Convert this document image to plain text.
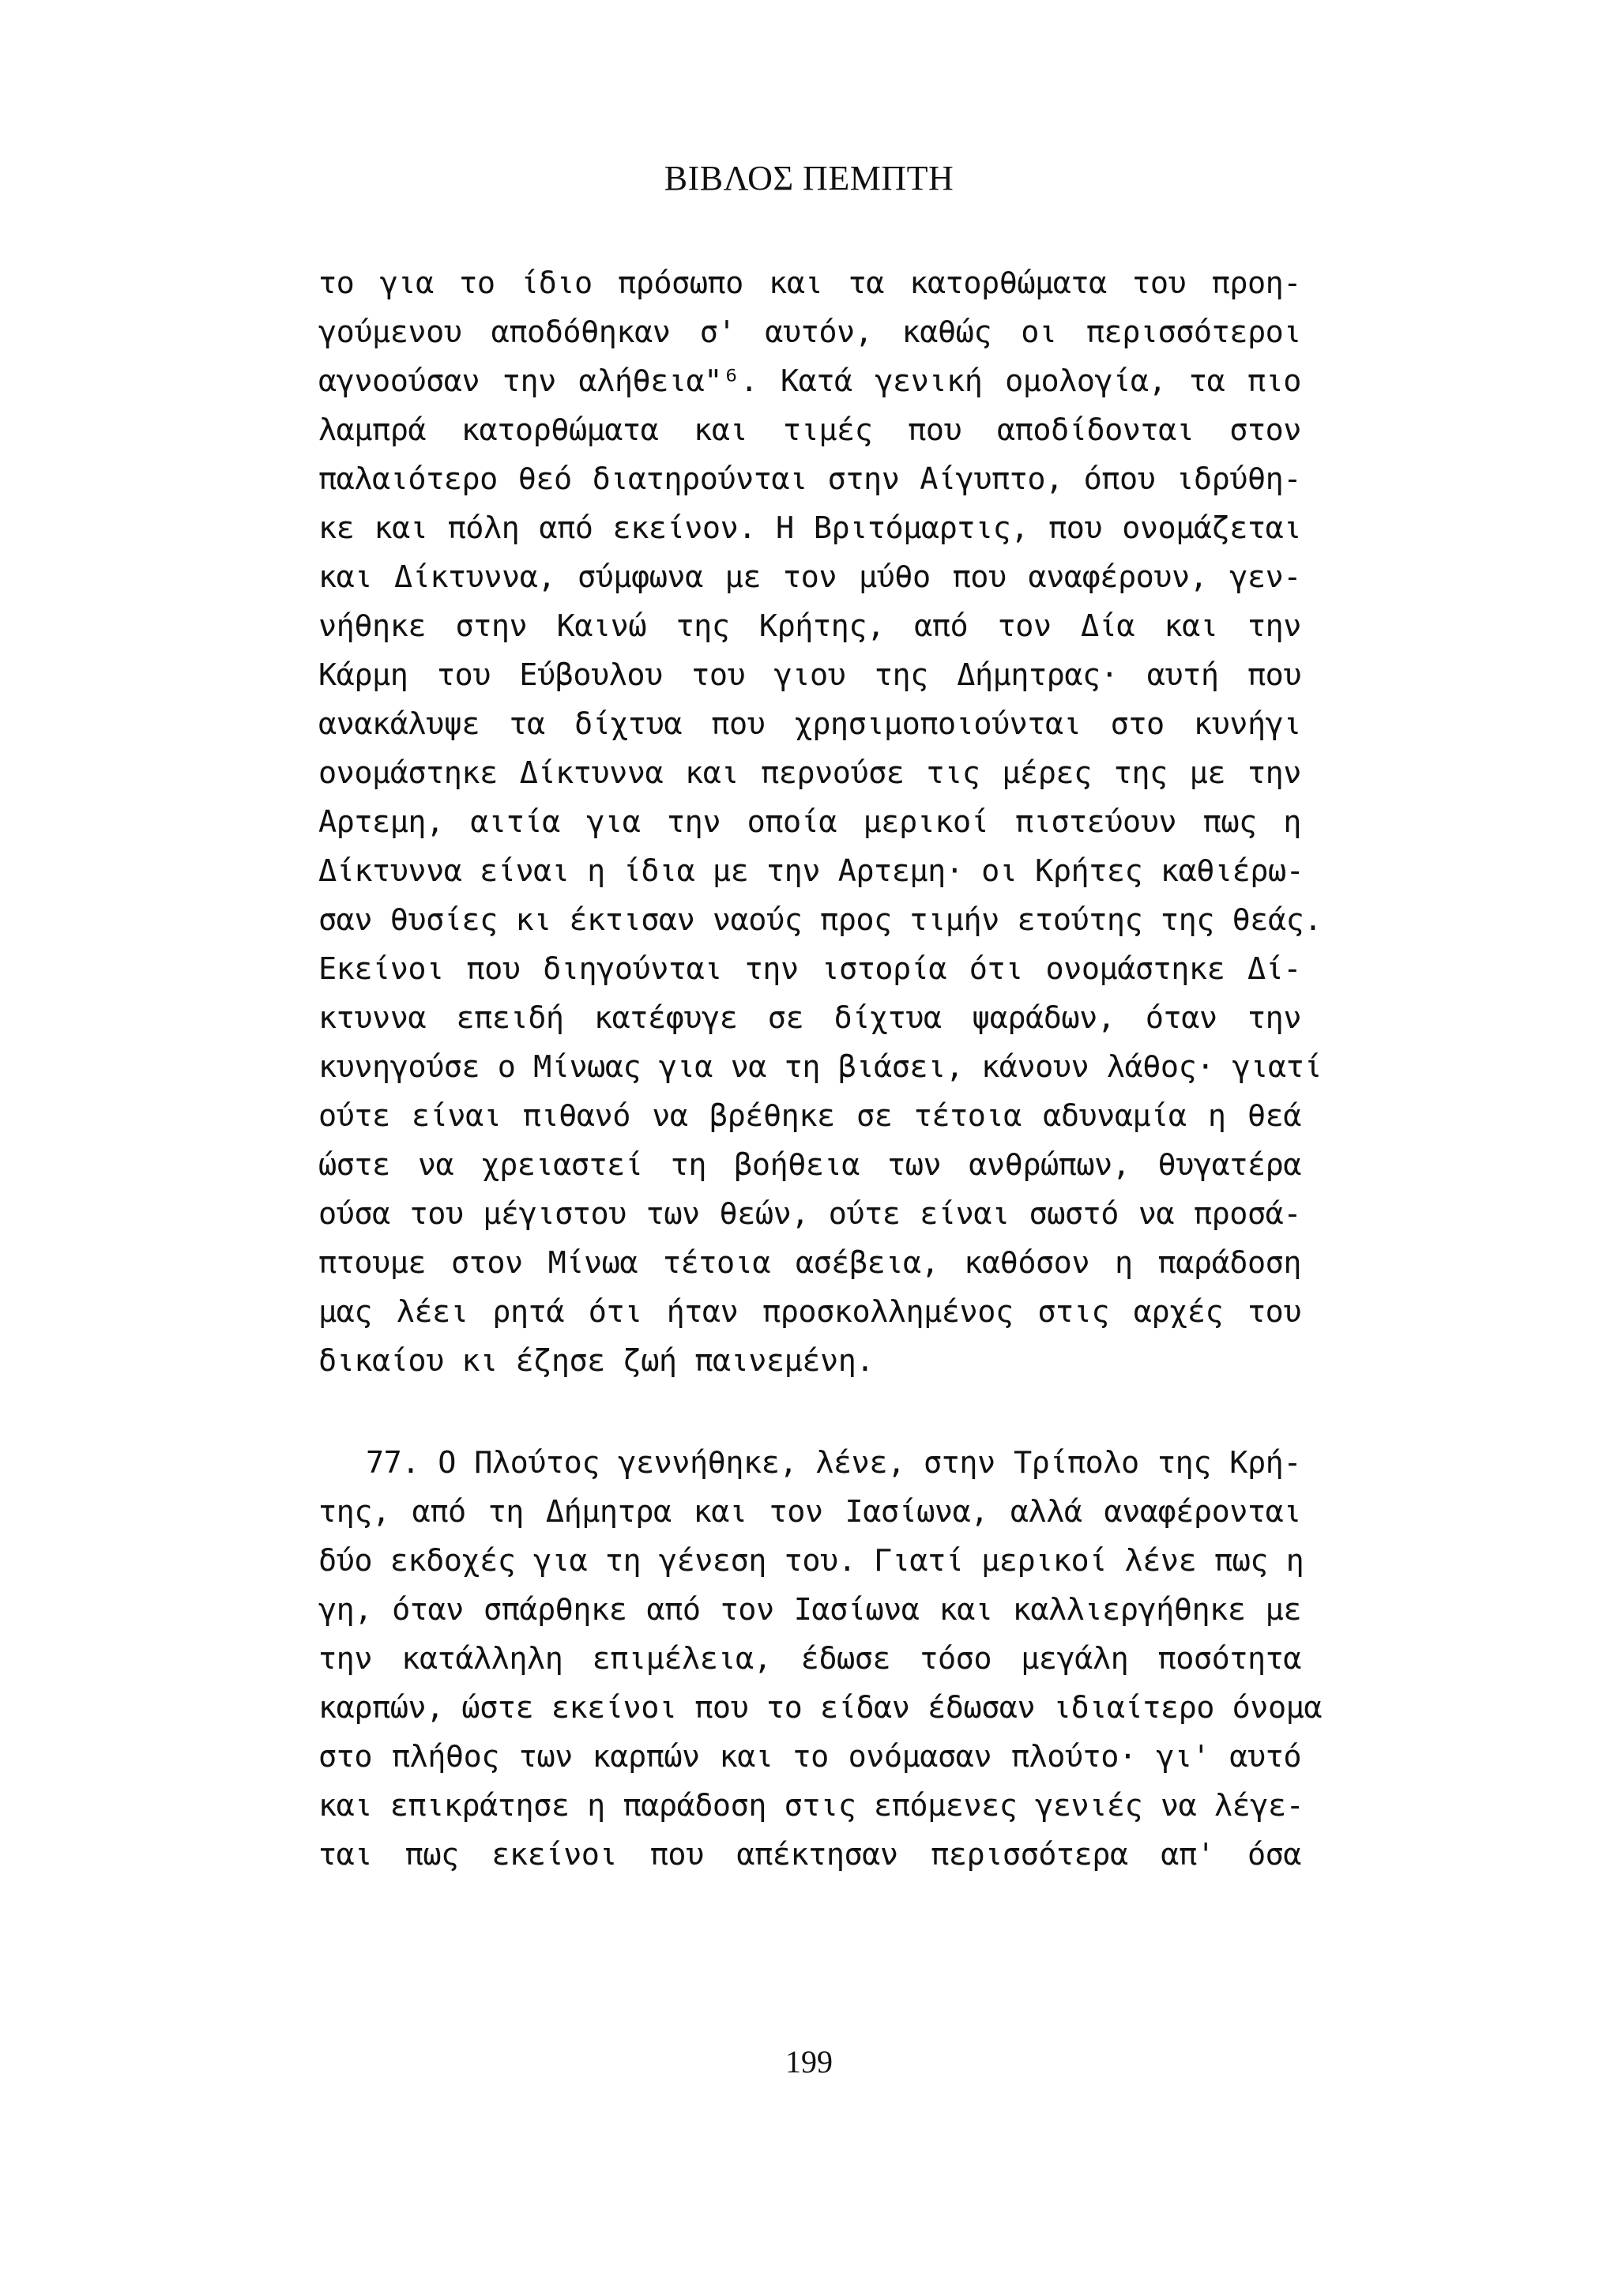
ΒΙΒΛΟΣ ΠΕΜΠΤΗ
το για το ίδιο πρόσωπο και τα κατορθώματα του προη-
γούμενου αποδόθηκαν σ' αυτόν, καθώς οι περισσότεροι
αγνοούσαν την αλήθεια"⁶. Κατά γενική ομολογία, τα πιο
λαμπρά κατορθώματα και τιμές που αποδίδονται στον
παλαιότερο θεό διατηρούνται στην Αίγυπτο, όπου ιδρύθη-
κε και πόλη από εκείνον. Η Βριτόμαρτις, που ονομάζεται
και Δίκτυννα, σύμφωνα με τον μύθο που αναφέρουν, γεν-
νήθηκε στην Καινώ της Κρήτης, από τον Δία και την
Κάρμη του Εύβουλου του γιου της Δήμητρας· αυτή που
ανακάλυψε τα δίχτυα που χρησιμοποιούνται στο κυνήγι
ονομάστηκε Δίκτυννα και περνούσε τις μέρες της με την
Αρτεμη, αιτία για την οποία μερικοί πιστεύουν πως η
Δίκτυννα είναι η ίδια με την Αρτεμη· οι Κρήτες καθιέρω-
σαν θυσίες κι έκτισαν ναούς προς τιμήν ετούτης της θεάς.
Εκείνοι που διηγούνται την ιστορία ότι ονομάστηκε Δί-
κτυννα επειδή κατέφυγε σε δίχτυα ψαράδων, όταν την
κυνηγούσε ο Μίνωας για να τη βιάσει, κάνουν λάθος· γιατί
ούτε είναι πιθανό να βρέθηκε σε τέτοια αδυναμία η θεά
ώστε να χρειαστεί τη βοήθεια των ανθρώπων, θυγατέρα
ούσα του μέγιστου των θεών, ούτε είναι σωστό να προσά-
πτουμε στον Μίνωα τέτοια ασέβεια, καθόσον η παράδοση
μας λέει ρητά ότι ήταν προσκολλημένος στις αρχές του
δικαίου κι έζησε ζωή παινεμένη.
77. Ο Πλούτος γεννήθηκε, λένε, στην Τρίπολο της Κρή-
της, από τη Δήμητρα και τον Ιασίωνα, αλλά αναφέρονται
δύο εκδοχές για τη γένεση του. Γιατί μερικοί λένε πως η
γη, όταν σπάρθηκε από τον Ιασίωνα και καλλιεργήθηκε με
την κατάλληλη επιμέλεια, έδωσε τόσο μεγάλη ποσότητα
καρπών, ώστε εκείνοι που το είδαν έδωσαν ιδιαίτερο όνομα
στο πλήθος των καρπών και το ονόμασαν πλούτο· γι' αυτό
και επικράτησε η παράδοση στις επόμενες γενιές να λέγε-
ται πως εκείνοι που απέκτησαν περισσότερα απ' όσα
199
